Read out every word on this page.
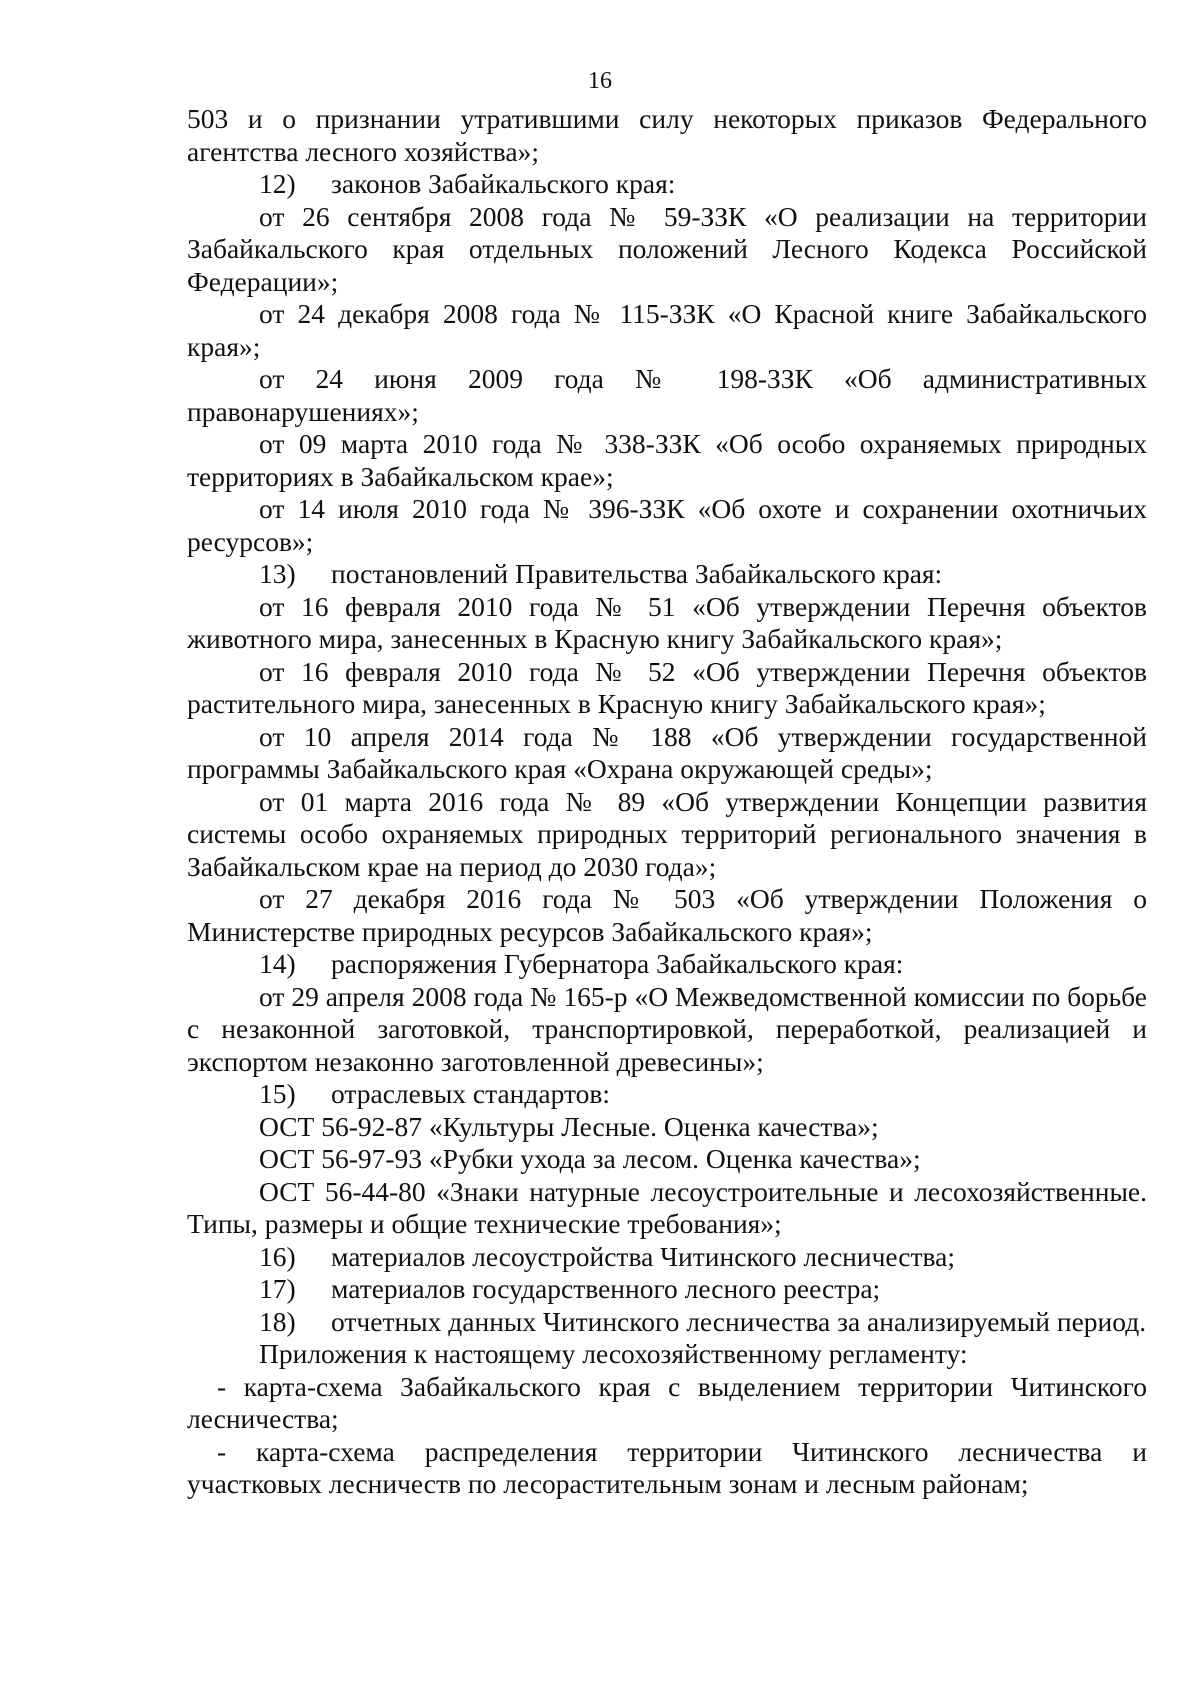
16

503 и о признании утратившими силу некоторых приказов Федерального агентства лесного хозяйства»;

12) законов Забайкальского края:

от 26 сентября 2008 года № 59-ЗЗК «О реализации на территории Забайкальского края отдельных положений Лесного Кодекса Российской Федерации»;

от 24 декабря 2008 года № 115-ЗЗК «О Красной книге Забайкальского края»;

от 24 июня 2009 года № 198-ЗЗК «Об административных правонарушениях»;

от 09 марта 2010 года № 338-ЗЗК «Об особо охраняемых природных территориях в Забайкальском крае»;

от 14 июля 2010 года № 396-ЗЗК «Об охоте и сохранении охотничьих ресурсов»;

13) постановлений Правительства Забайкальского края:

от 16 февраля 2010 года № 51 «Об утверждении Перечня объектов животного мира, занесенных в Красную книгу Забайкальского края»;

от 16 февраля 2010 года № 52 «Об утверждении Перечня объектов растительного мира, занесенных в Красную книгу Забайкальского края»;

от 10 апреля 2014 года № 188 «Об утверждении государственной программы Забайкальского края «Охрана окружающей среды»;

от 01 марта 2016 года № 89 «Об утверждении Концепции развития системы особо охраняемых природных территорий регионального значения в Забайкальском крае на период до 2030 года»;

от 27 декабря 2016 года № 503 «Об утверждении Положения о Министерстве природных ресурсов Забайкальского края»;

14) распоряжения Губернатора Забайкальского края:

от 29 апреля 2008 года № 165-р «О Межведомственной комиссии по борьбе с незаконной заготовкой, транспортировкой, переработкой, реализацией и экспортом незаконно заготовленной древесины»;

15) отраслевых стандартов:

ОСТ 56-92-87 «Культуры Лесные. Оценка качества»;

ОСТ 56-97-93 «Рубки ухода за лесом. Оценка качества»;

ОСТ 56-44-80 «Знаки натурные лесоустроительные и лесохозяйственные. Типы, размеры и общие технические требования»;

16) материалов лесоустройства Читинского лесничества;

17) материалов государственного лесного реестра;

18) отчетных данных Читинского лесничества за анализируемый период.

Приложения к настоящему лесохозяйственному регламенту:

- карта-схема Забайкальского края с выделением территории Читинского лесничества;

- карта-схема распределения территории Читинского лесничества и участковых лесничеств по лесорастительным зонам и лесным районам;
